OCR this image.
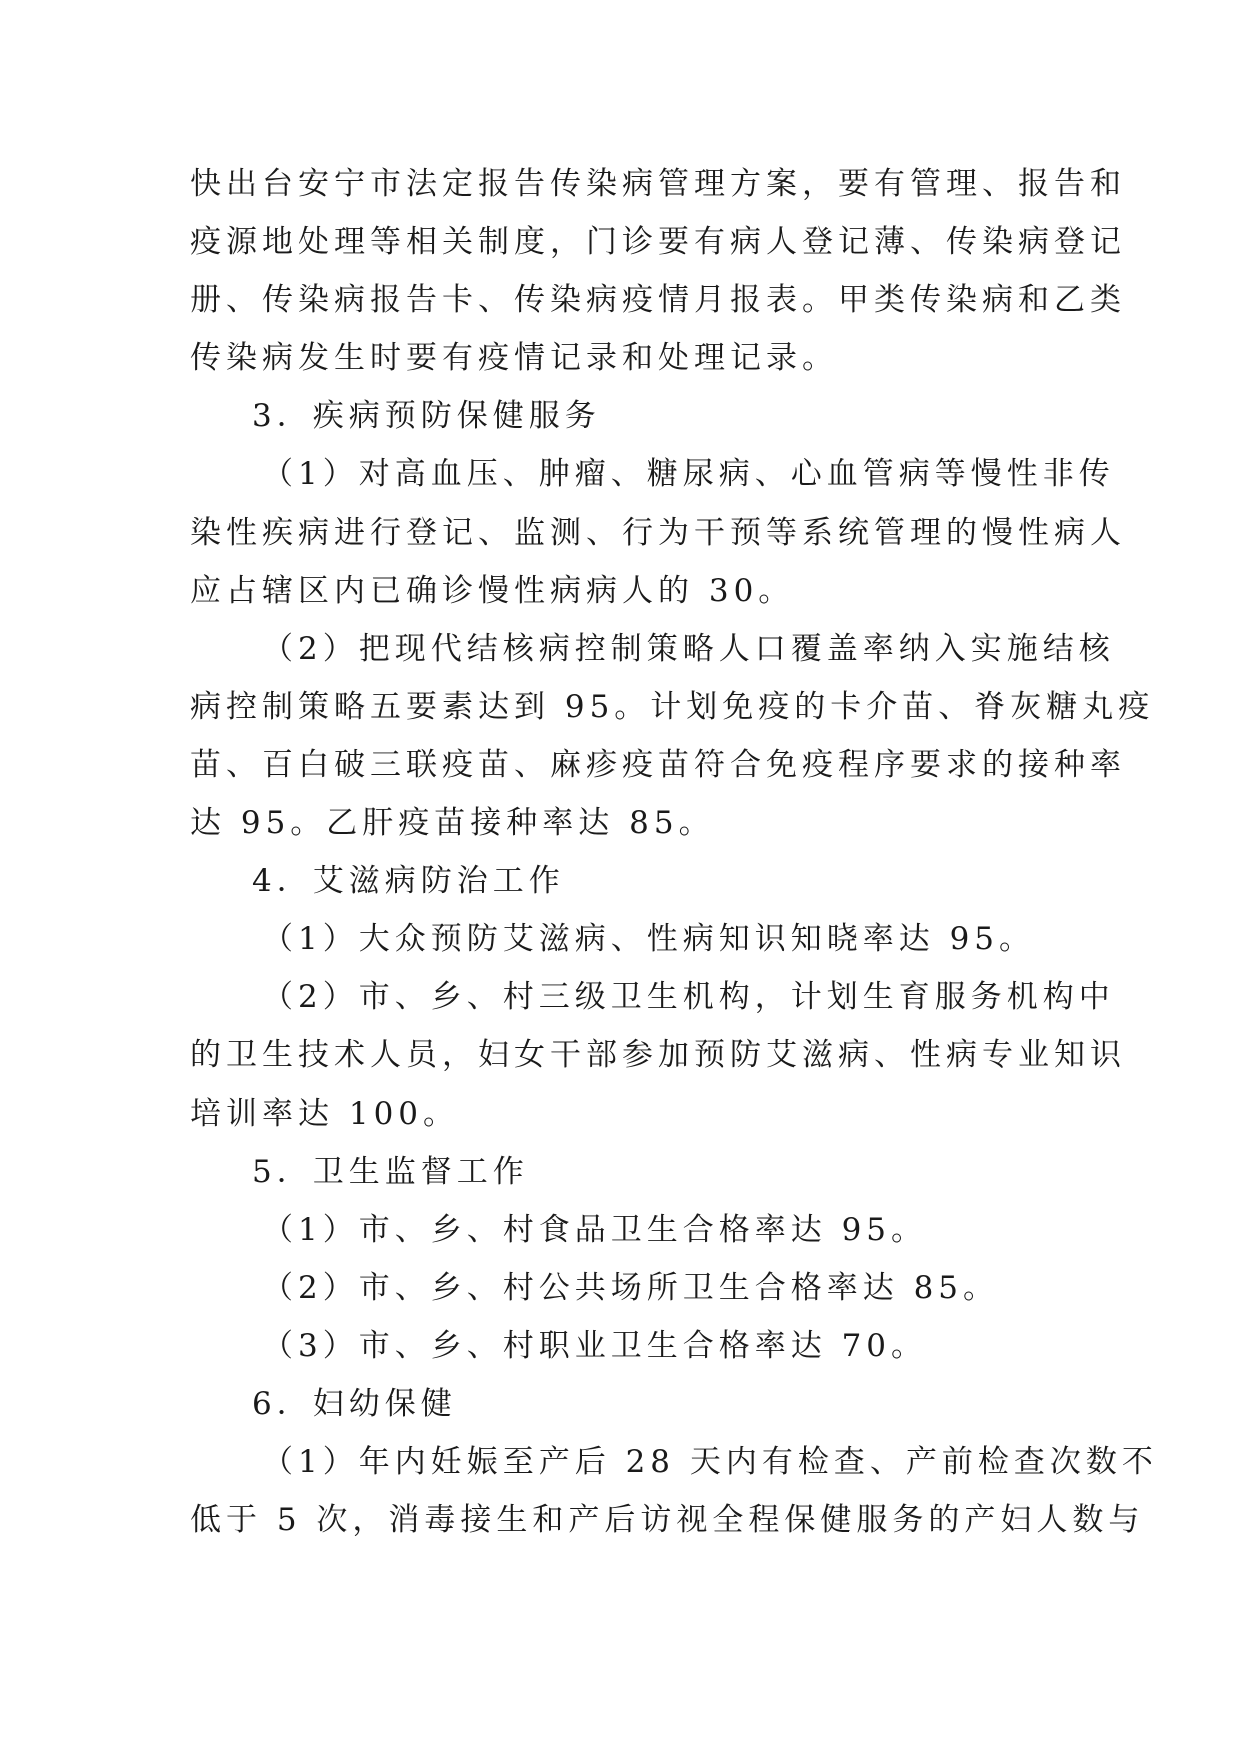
快出台安宁市法定报告传染病管理方案，要有管理、报告和
疫源地处理等相关制度，门诊要有病人登记薄、传染病登记
册、传染病报告卡、传染病疫情月报表。甲类传染病和乙类
传染病发生时要有疫情记录和处理记录。
3．疾病预防保健服务
（1）对高血压、肿瘤、糖尿病、心血管病等慢性非传
染性疾病进行登记、监测、行为干预等系统管理的慢性病人
应占辖区内已确诊慢性病病人的 30。
（2）把现代结核病控制策略人口覆盖率纳入实施结核
病控制策略五要素达到 95。计划免疫的卡介苗、脊灰糖丸疫
苗、百白破三联疫苗、麻疹疫苗符合免疫程序要求的接种率
达 95。乙肝疫苗接种率达 85。
4．艾滋病防治工作
（1）大众预防艾滋病、性病知识知晓率达 95。
（2）市、乡、村三级卫生机构，计划生育服务机构中
的卫生技术人员，妇女干部参加预防艾滋病、性病专业知识
培训率达 100。
5．卫生监督工作
（1）市、乡、村食品卫生合格率达 95。
（2）市、乡、村公共场所卫生合格率达 85。
（3）市、乡、村职业卫生合格率达 70。
6．妇幼保健
（1）年内妊娠至产后 28 天内有检查、产前检查次数不
低于 5 次，消毒接生和产后访视全程保健服务的产妇人数与
